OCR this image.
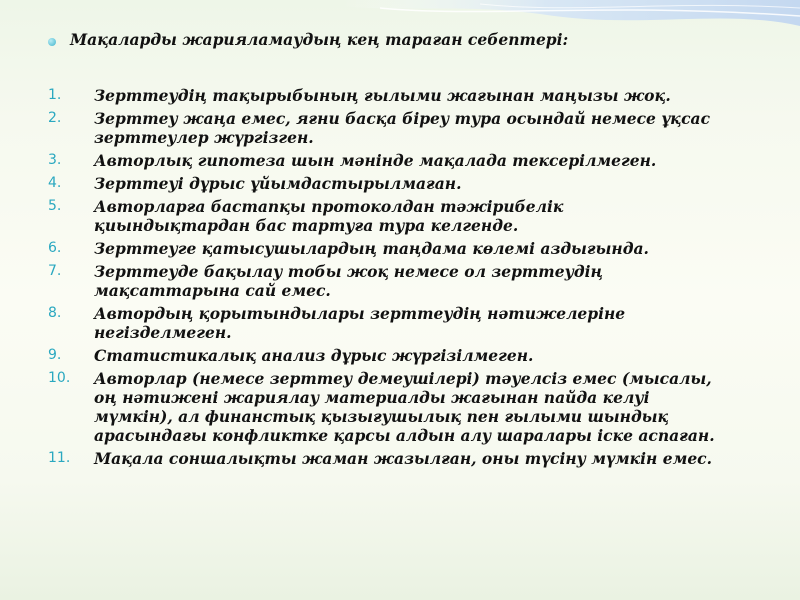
Мақаларды жарияламаудың кең тараған себептері:
1.	Зерттеудің тақырыбының ғылыми жағынан маңызы жоқ.
2.	Зерттеу жаңа емес, яғни басқа біреу тура осындай немесе ұқсас зерттеулер жүргізген.
3.	Авторлық гипотеза шын мәнінде мақалада тексерілмеген.
4.	Зерттеуі дұрыс ұйымдастырылмаған.
5.	Авторларға бастапқы протоколдан тәжірибелік қиындықтардан бас тартуға тура келгенде.
6.	Зерттеуге қатысушылардың таңдама көлемі аздығында.
7.	Зерттеуде бақылау тобы жоқ немесе ол зерттеудің мақсаттарына сай емес.
8.	Автордың қорытындылары зерттеудің нәтижелеріне негізделмеген.
9.	Статистикалық анализ дұрыс жүргізілмеген.
10.	Авторлар (немесе зерттеу демеушілері) тәуелсіз емес (мысалы, оң нәтижені жариялау материалды жағынан пайда келуі мүмкін), ал финанстық қызығушылық пен ғылыми шындық арасындағы конфликтке қарсы алдын алу шаралары іске аспаған.
11.	Мақала соншалықты жаман жазылған, оны түсіну мүмкін емес.
